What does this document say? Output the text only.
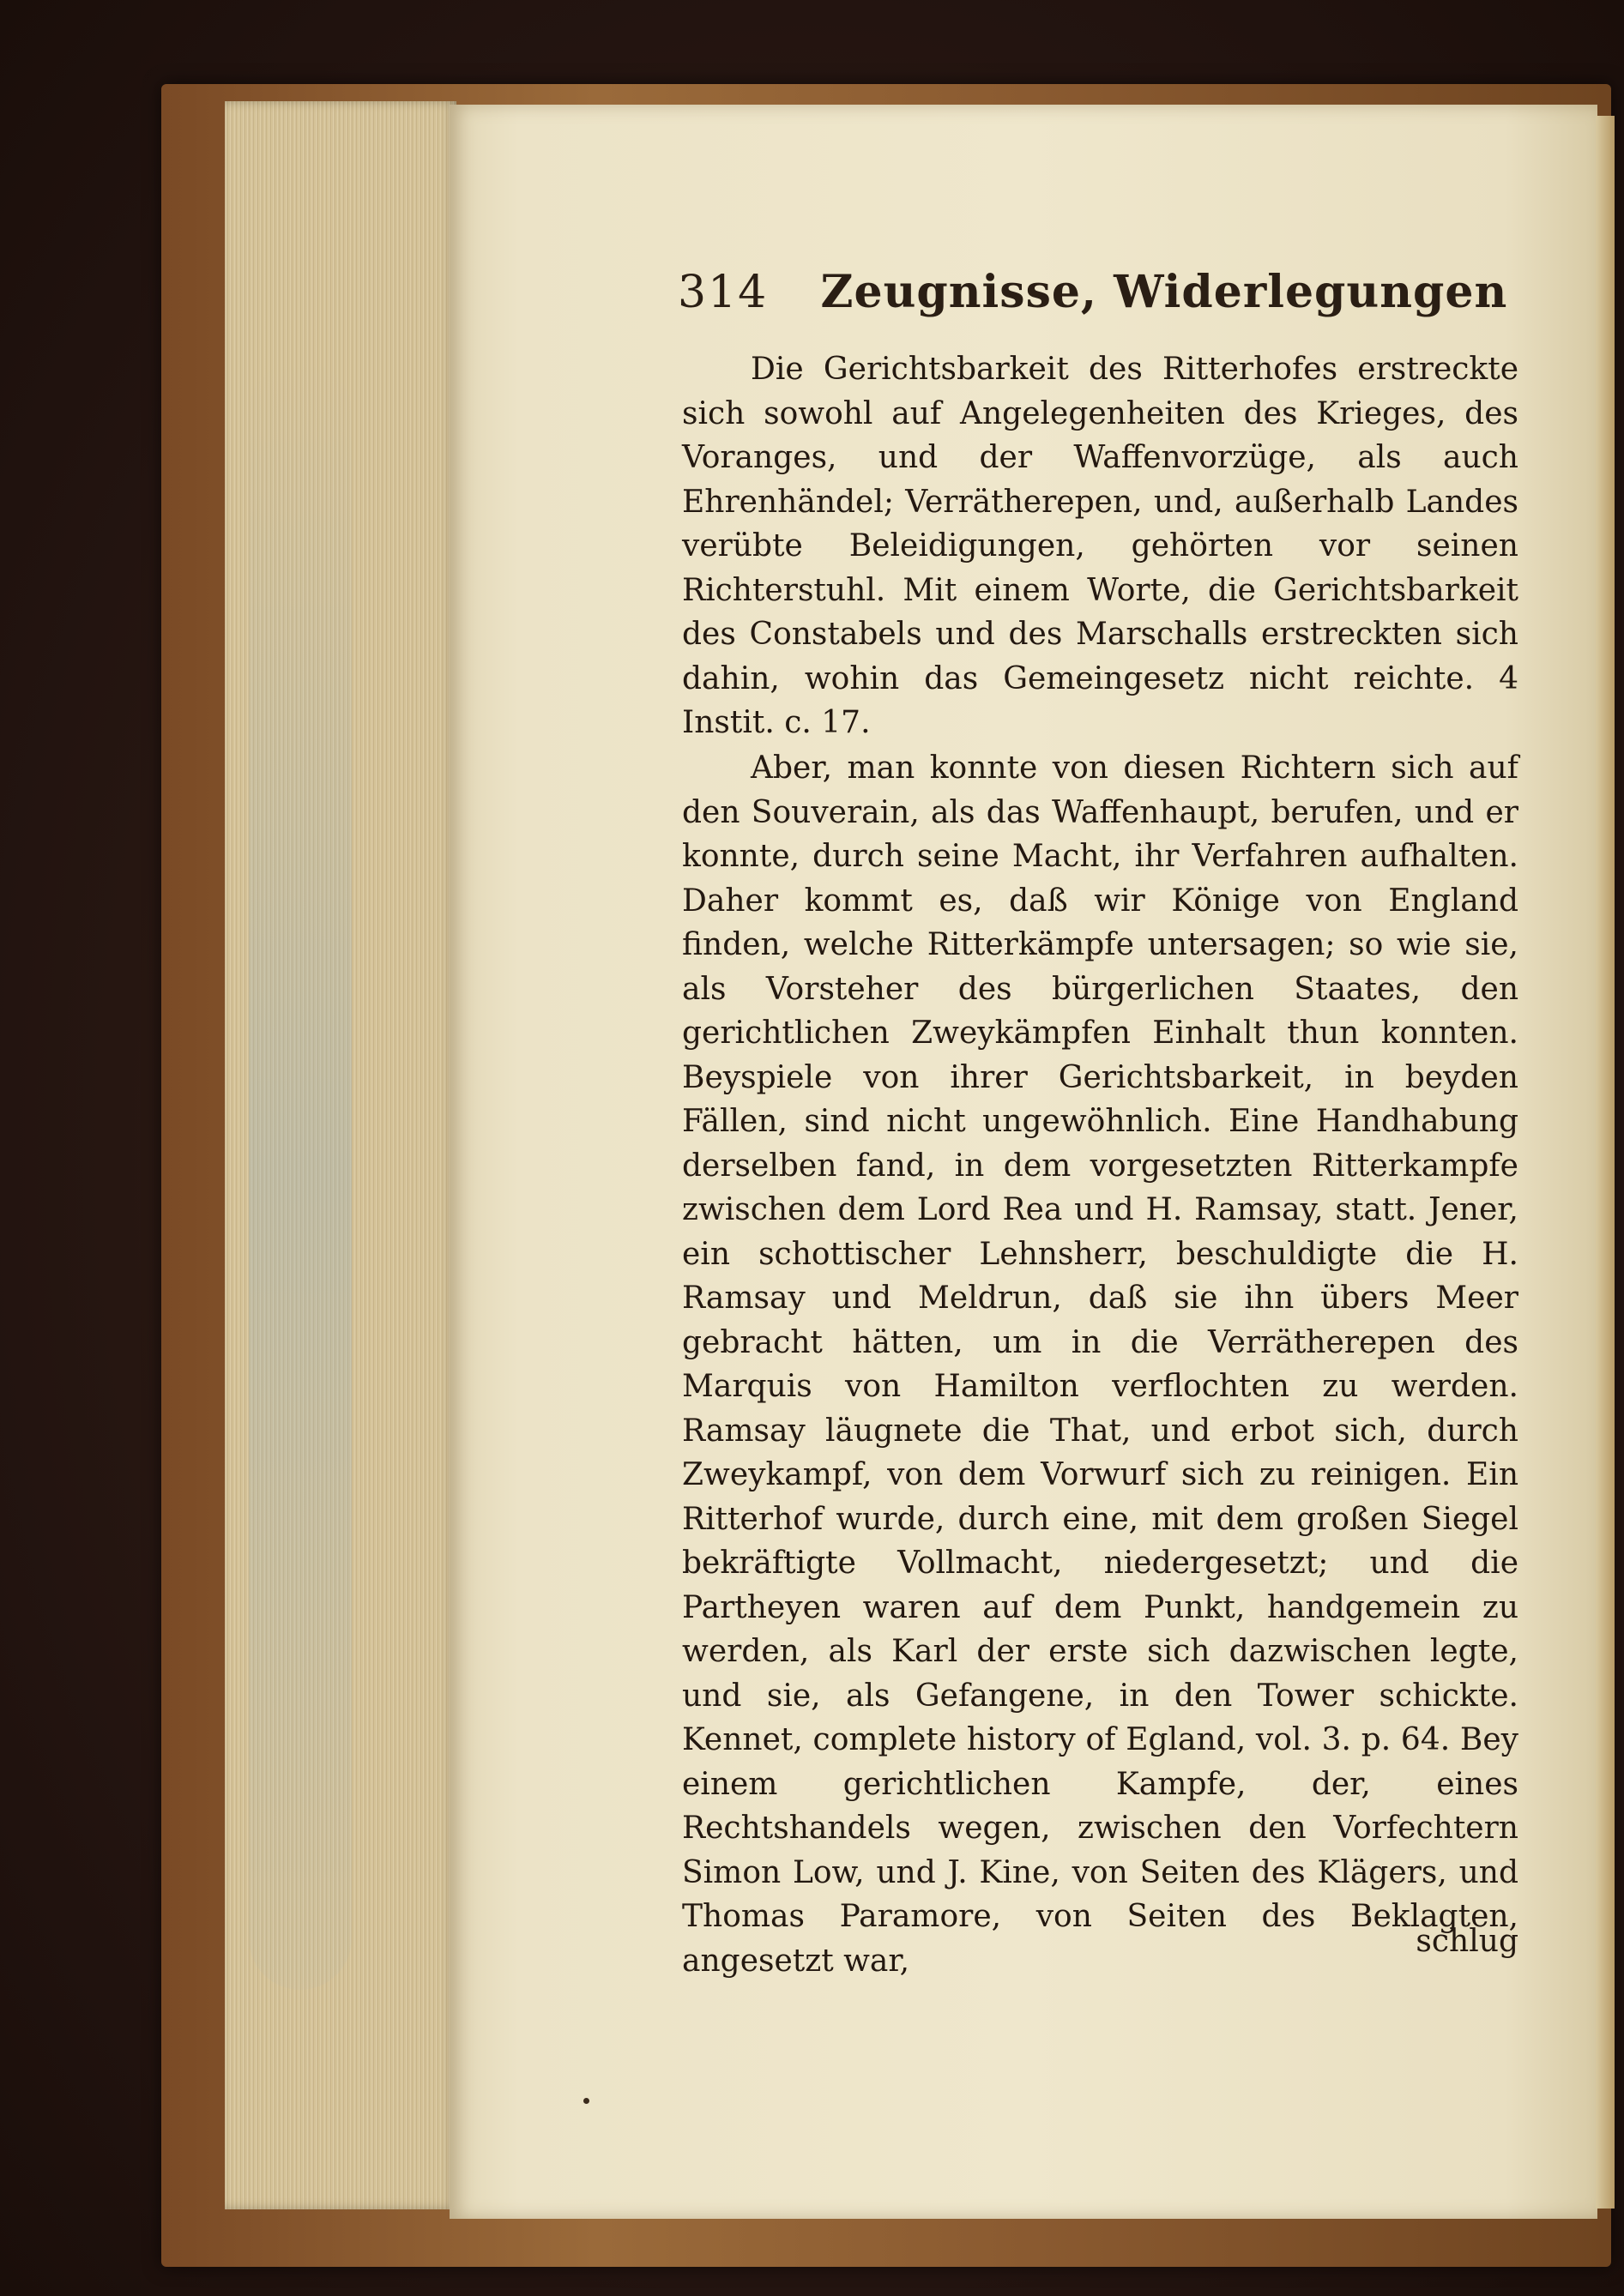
314 Zeugnisse, Widerlegungen
Die Gerichtsbarkeit des Ritterhofes erstreckte sich sowohl auf Angelegenheiten des Krieges, des Voranges, und der Waffenvorzüge, als auch Ehrenhändel; Verrätherepen, und, außerhalb Landes verübte Beleidigungen, gehörten vor seinen Richterstuhl. Mit einem Worte, die Gerichtsbarkeit des Constabels und des Marschalls erstreckten sich dahin, wohin das Gemeingesetz nicht reichte. 4 Instit. c. 17.
Aber, man konnte von diesen Richtern sich auf den Souverain, als das Waffenhaupt, berufen, und er konnte, durch seine Macht, ihr Verfahren aufhalten. Daher kommt es, daß wir Könige von England finden, welche Ritterkämpfe untersagen; so wie sie, als Vorsteher des bürgerlichen Staates, den gerichtlichen Zweykämpfen Einhalt thun konnten. Beyspiele von ihrer Gerichtsbarkeit, in beyden Fällen, sind nicht ungewöhnlich. Eine Handhabung derselben fand, in dem vorgesetzten Ritterkampfe zwischen dem Lord Rea und H. Ramsay, statt. Jener, ein schottischer Lehnsherr, beschuldigte die H. Ramsay und Meldrun, daß sie ihn übers Meer gebracht hätten, um in die Verrätherepen des Marquis von Hamilton verflochten zu werden. Ramsay läugnete die That, und erbot sich, durch Zweykampf, von dem Vorwurf sich zu reinigen. Ein Ritterhof wurde, durch eine, mit dem großen Siegel bekräftigte Vollmacht, niedergesetzt; und die Partheyen waren auf dem Punkt, handgemein zu werden, als Karl der erste sich dazwischen legte, und sie, als Gefangene, in den Tower schickte. Kennet, complete history of Egland, vol. 3. p. 64. Bey einem gerichtlichen Kampfe, der, eines Rechtshandels wegen, zwischen den Vorfechtern Simon Low, und J. Kine, von Seiten des Klägers, und Thomas Paramore, von Seiten des Beklagten, angesetzt war,
schlug
